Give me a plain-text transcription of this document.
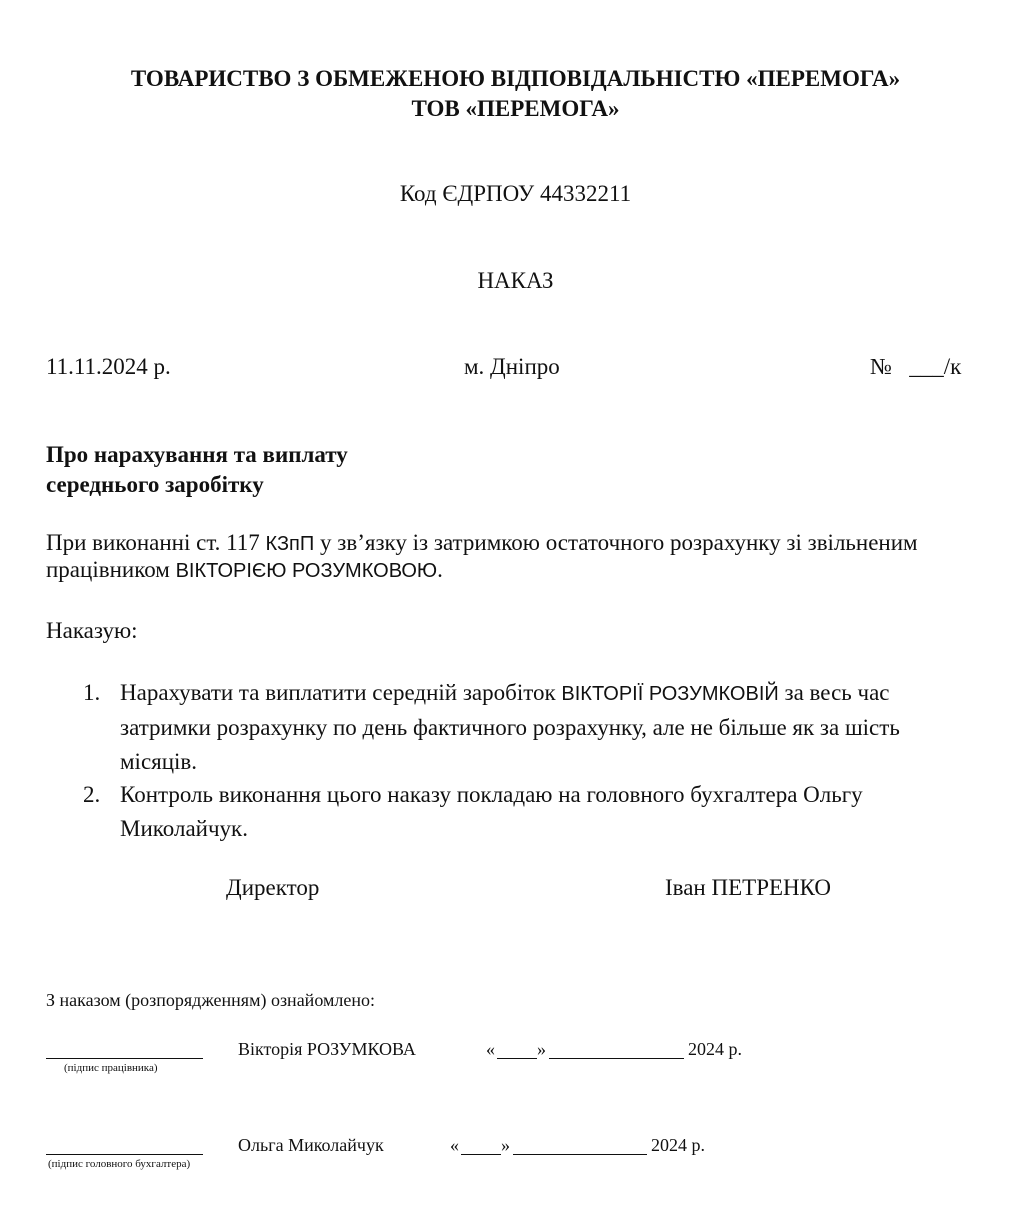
ТОВАРИСТВО З ОБМЕЖЕНОЮ ВІДПОВІДАЛЬНІСТЮ «ПЕРЕМОГА»
ТОВ «ПЕРЕМОГА»
Код ЄДРПОУ 44332211
НАКАЗ
11.11.2024 р.	м. Дніпро	№ ___/к
Про нарахування та виплату
середнього заробітку
При виконанні ст. 117 КЗпП у зв’язку із затримкою остаточного розрахунку зі звільненим
працівником ВІКТОРІЄЮ РОЗУМКОВОЮ.
Наказую:
1. Нарахувати та виплатити середній заробіток ВІКТОРІЇ РОЗУМКОВІЙ за весь час затримки розрахунку по день фактичного розрахунку, але не більше як за шість місяців.
2. Контроль виконання цього наказу покладаю на головного бухгалтера Ольгу Миколайчук.
Директор	Іван ПЕТРЕНКО
З наказом (розпорядженням) ознайомлено:
(підпис працівника)
Вікторія РОЗУМКОВА	« »	2024 р.
(підпис головного бухгалтера)
Ольга Миколайчук	« »	2024 р.
